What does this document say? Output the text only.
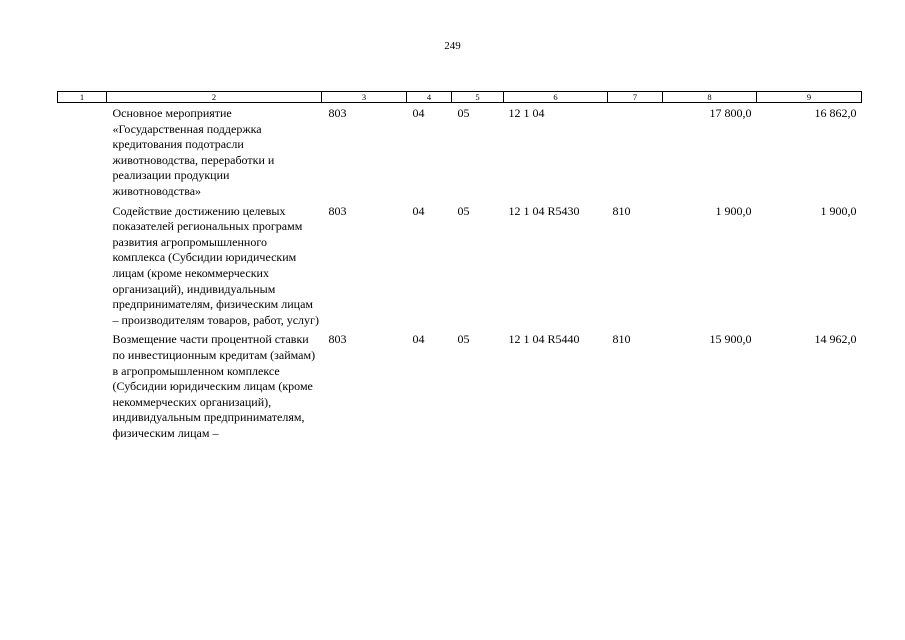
249
1	2	3	4	5	6	7	8	9
	Основное мероприятие «Государственная поддержка кредитования подотрасли животноводства, переработки и реализации продукции животноводства»	803	04	05	12 1 04		17 800,0	16 862,0
	Содействие достижению целевых показателей региональных программ развития агропромышленного комплекса (Субсидии юридическим лицам (кроме некоммерческих организаций), индивидуальным предпринимателям, физическим лицам – производителям товаров, работ, услуг)	803	04	05	12 1 04 R5430	810	1 900,0	1 900,0
	Возмещение части процентной ставки по инвестиционным кредитам (займам) в агропромышленном комплексе (Субсидии юридическим лицам (кроме некоммерческих организаций), индивидуальным предпринимателям, физическим лицам –	803	04	05	12 1 04 R5440	810	15 900,0	14 962,0
